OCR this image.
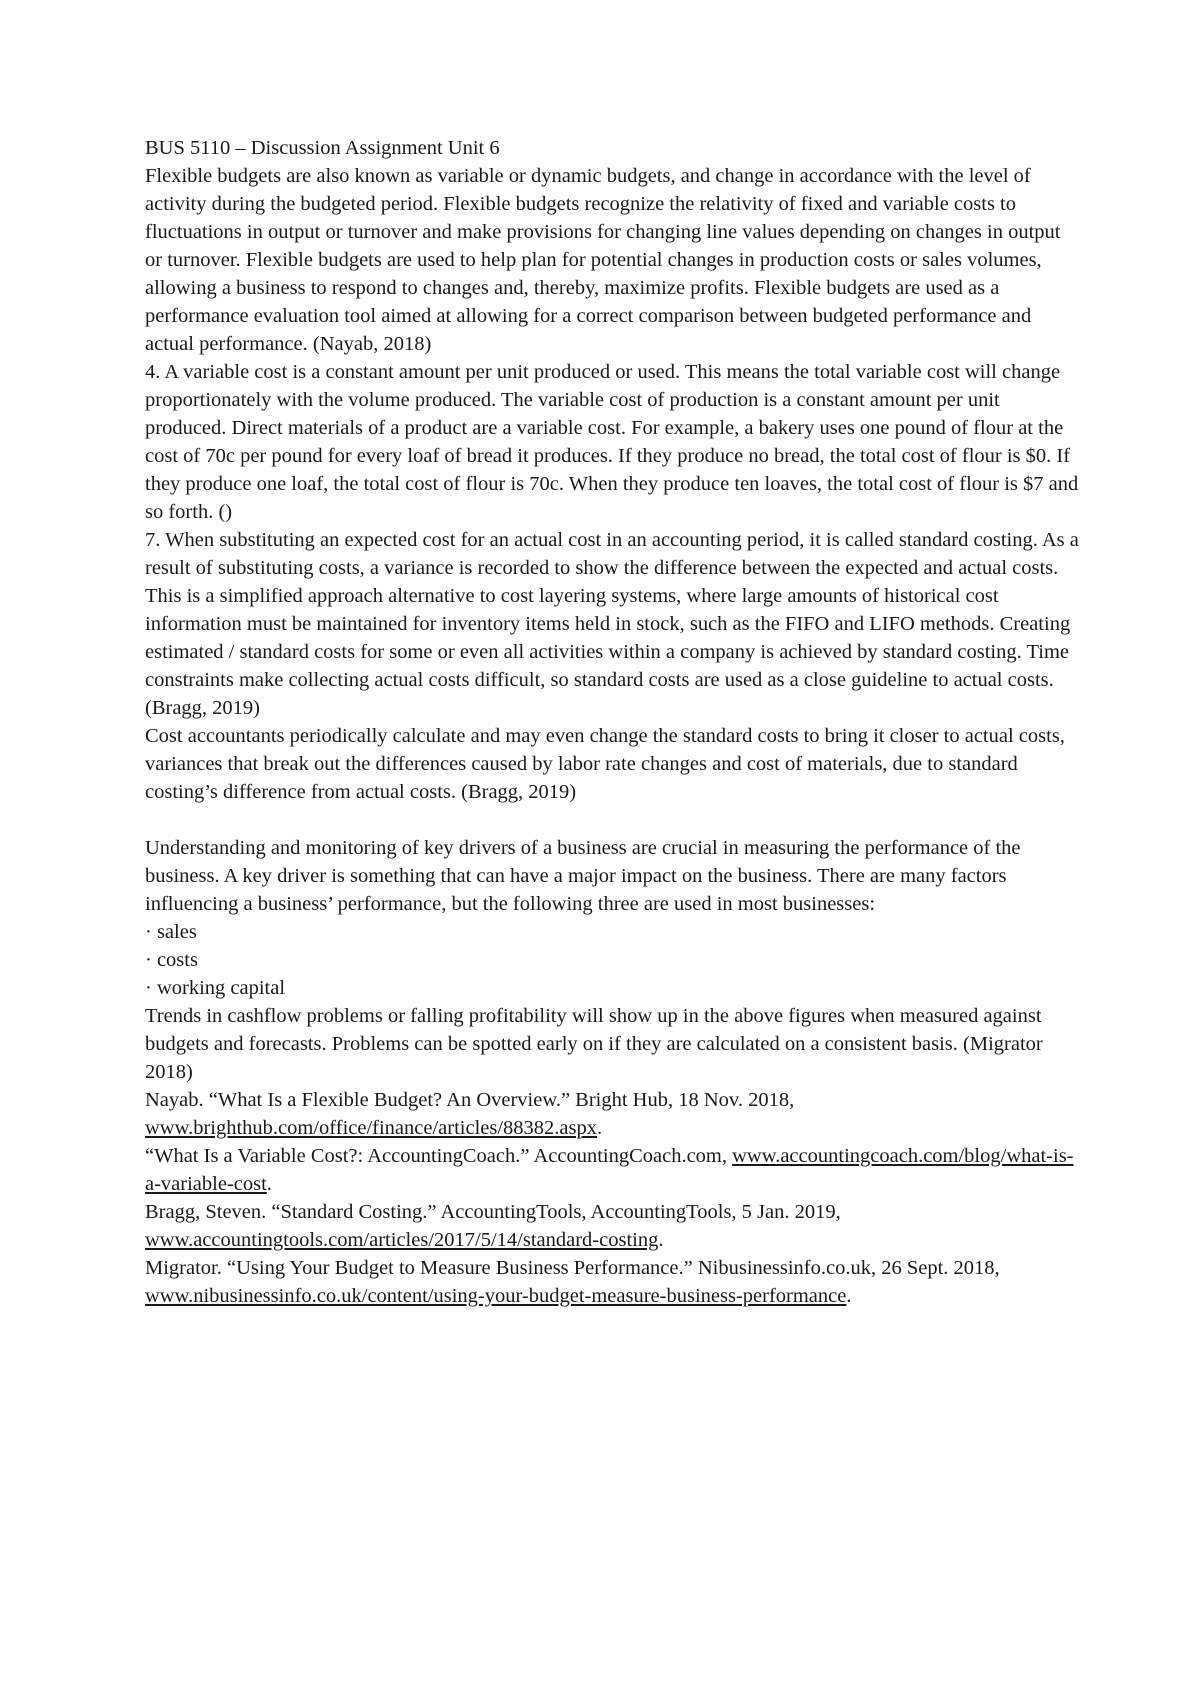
BUS 5110 – Discussion Assignment Unit 6

Flexible budgets are also known as variable or dynamic budgets, and change in accordance with the level of activity during the budgeted period. Flexible budgets recognize the relativity of fixed and variable costs to fluctuations in output or turnover and make provisions for changing line values depending on changes in output or turnover. Flexible budgets are used to help plan for potential changes in production costs or sales volumes, allowing a business to respond to changes and, thereby, maximize profits. Flexible budgets are used as a performance evaluation tool aimed at allowing for a correct comparison between budgeted performance and actual performance. (Nayab, 2018)

4. A variable cost is a constant amount per unit produced or used. This means the total variable cost will change proportionately with the volume produced. The variable cost of production is a constant amount per unit produced. Direct materials of a product are a variable cost. For example, a bakery uses one pound of flour at the cost of 70c per pound for every loaf of bread it produces. If they produce no bread, the total cost of flour is $0. If they produce one loaf, the total cost of flour is 70c. When they produce ten loaves, the total cost of flour is $7 and so forth. ()

7. When substituting an expected cost for an actual cost in an accounting period, it is called standard costing. As a result of substituting costs, a variance is recorded to show the difference between the expected and actual costs. This is a simplified approach alternative to cost layering systems, where large amounts of historical cost information must be maintained for inventory items held in stock, such as the FIFO and LIFO methods. Creating estimated / standard costs for some or even all activities within a company is achieved by standard costing. Time constraints make collecting actual costs difficult, so standard costs are used as a close guideline to actual costs. (Bragg, 2019)

Cost accountants periodically calculate and may even change the standard costs to bring it closer to actual costs, variances that break out the differences caused by labor rate changes and cost of materials, due to standard costing’s difference from actual costs. (Bragg, 2019)

Understanding and monitoring of key drivers of a business are crucial in measuring the performance of the business. A key driver is something that can have a major impact on the business. There are many factors influencing a business’ performance, but the following three are used in most businesses:

· sales

· costs

· working capital

Trends in cashflow problems or falling profitability will show up in the above figures when measured against budgets and forecasts. Problems can be spotted early on if they are calculated on a consistent basis. (Migrator 2018)

Nayab. “What Is a Flexible Budget? An Overview.” Bright Hub, 18 Nov. 2018, www.brighthub.com/office/finance/articles/88382.aspx.

“What Is a Variable Cost?: AccountingCoach.” AccountingCoach.com, www.accountingcoach.com/blog/what-is-a-variable-cost.

Bragg, Steven. “Standard Costing.” AccountingTools, AccountingTools, 5 Jan. 2019, www.accountingtools.com/articles/2017/5/14/standard-costing.

Migrator. “Using Your Budget to Measure Business Performance.” Nibusinessinfo.co.uk, 26 Sept. 2018, www.nibusinessinfo.co.uk/content/using-your-budget-measure-business-performance.
